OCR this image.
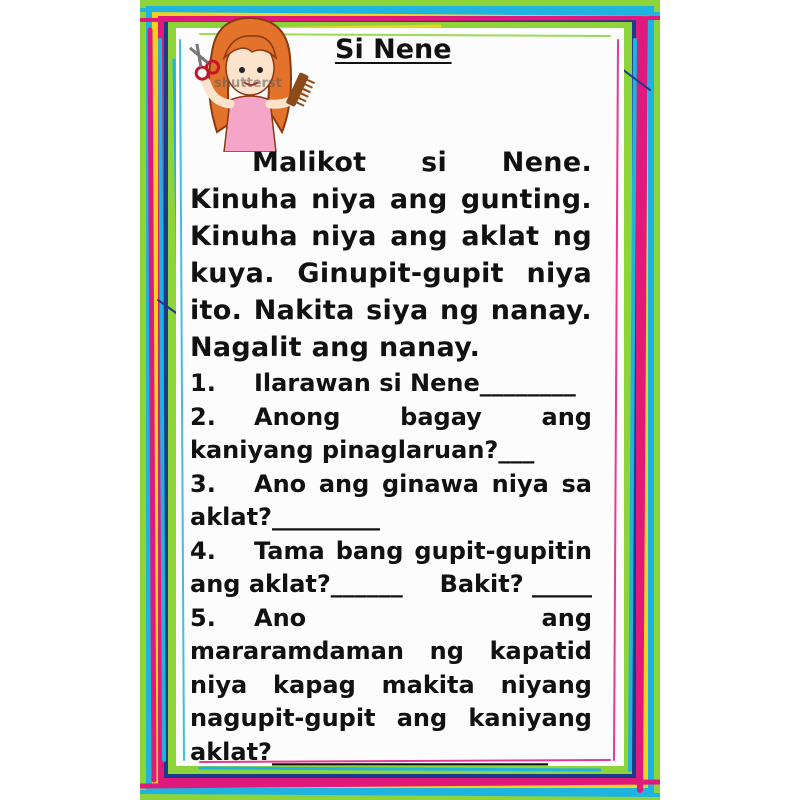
shutterst
Si Nene
Malikot si Nene.
Kinuha niya ang gunting.
Kinuha niya ang aklat ng
kuya. Ginupit-gupit niya
ito. Nakita siya ng nanay.
Nagalit ang nanay.
1.	Ilarawan si Nene________
2. Anong bagay ang
kaniyang pinaglaruan?___
3. Ano ang ginawa niya sa
aklat?_________
4. Tama bang gupit-gupitin
ang aklat?______ Bakit? _____
5. Ano	ang
mararamdaman ng kapatid
niya kapag makita niyang
nagupit-gupit ang kaniyang
aklat?_______________________
